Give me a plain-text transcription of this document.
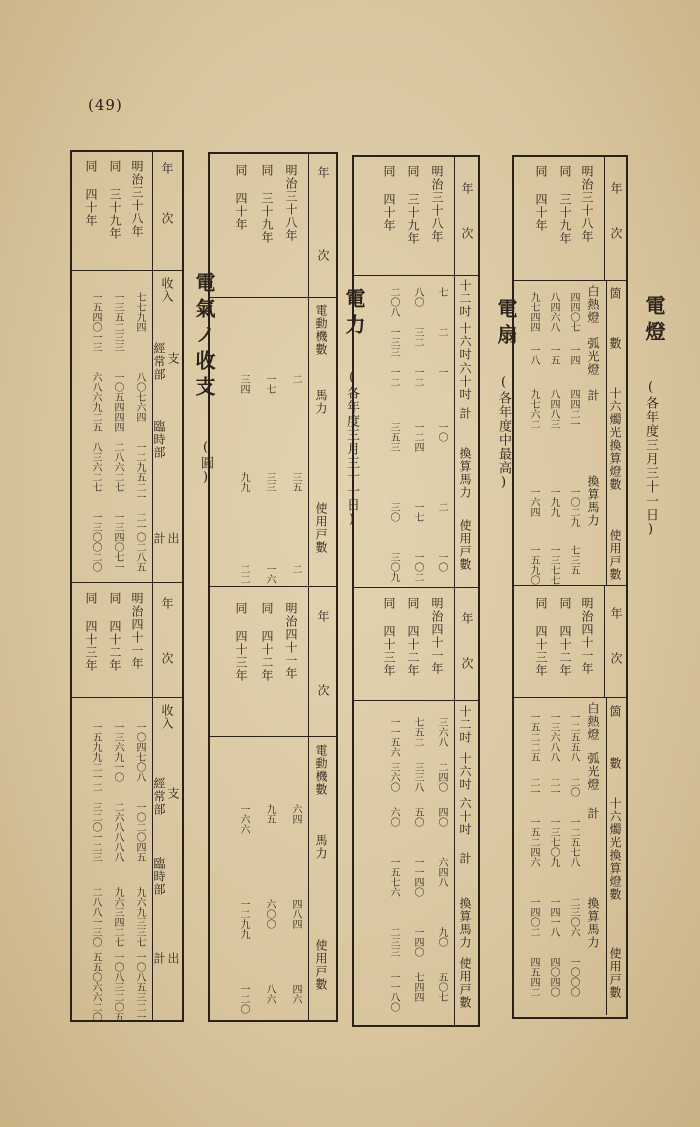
(49)
電燈
(各年度三月三十一日)
年
次
明治三十八年
同 三十九年
同 四十年
箇
數
白熱燈
弧光燈
四四〇七
八四六八
九七四四
一四
一五
一八
計
四四二一
八四八三
九七六二	十六燭光換算燈數
換算馬力
一〇二九
一九九
一六四
使用戸數
七三五
一三七七
一五九〇
年
次
明治四十一年
同 四十二年
同 四十三年
箇
數
白熱燈
弧光燈
一二五五八
一三六八八
一五二二五
二〇
二一
二一
計
一二五七八
一三七〇九
一五二四六	十六燭光換算燈數
換算馬力
二三〇六
一四一八
一四〇二
使用戸數
一〇〇〇
四〇四〇
四五四二
電扇
(各年度中最高)
年
次
明治三十八年
同 三十九年
同 四十年
十二吋
十六吋
六十吋
計
七
八〇
二〇八
二
三二
一三三
一
一二
一二
一〇
一二四
三五三
換算馬力
二
一七
三〇
使用戸數
一〇
一〇二
三〇九
年
次
明治四十一年
同 四十二年
同 四十三年
十二吋
十六吋
六十吋
計
三六八
七五二
一一五六
二四〇
三三八
三六〇
四〇
五〇
六〇
六四八
一一四〇
一五七六
換算馬力
九〇
一四〇
二三三
使用戸數
五〇七
七四四
一一八〇
電力
(各年度三月三十一日)
年
次
明治三十八年
同 三十九年
同 四十年
電動機數
二
一七
三四
馬力
三五
三三
九九
使用戸數
二
一六
二二
年
次
明治四十一年
同 四十二年
同 四十三年
電動機數
六四
九五
一六六
馬力
四八四
六〇〇
一二九九
使用戸數
四六
八六
一二〇
電氣ノ收支
(圓)
年
次
明治三十八年
同 三十九年
同 四十年
收入
七七九四
一三五二三三
一五四〇一三
支
經常部
八〇七六四
一〇五四四四
六八六九二五
臨時部
一二九五二一
二八六二七
八三六二七
計 出
二一〇二八五
一三四〇七一
一三〇〇二〇
年
次
明治四十一年
同 四十二年
同 四十三年
收入
一〇四七〇八
一三六九一〇
一五九九二一二
支
經常部
一〇二〇四五
二六八八八八
三二〇一二三
臨時部
九六九三三七
九六三四二七
二八八一三〇
計 出
一〇八五三二一
一〇八三二〇五
五五〇六六二〇
